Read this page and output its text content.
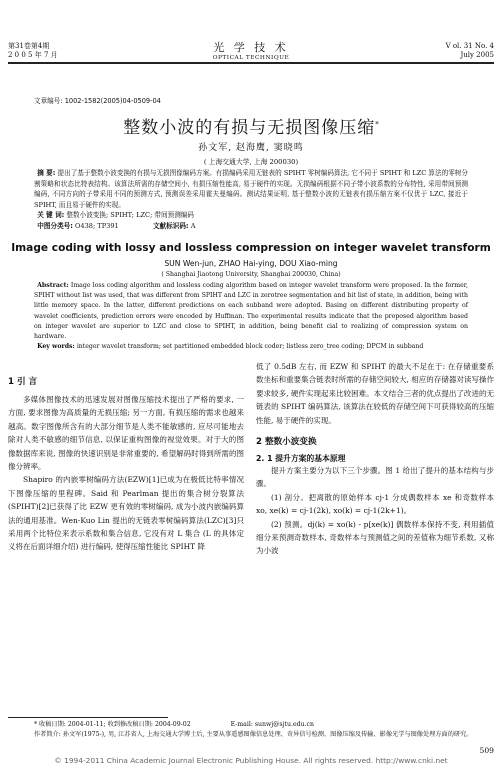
第31卷第4期
2 0 0 5 年 7 月
光 学 技 术
OPTICAL TECHNIQUE
V ol. 31 No. 4
July 2005
文章编号: 1002-1582(2005)04-0509-04
整数小波的有损与无损图像压缩*
孙文军, 赵海鹰, 窦晓鸣
( 上海交通大学, 上海 200030)

摘 要: 提出了基于整数小波变换的有损与无损图像编码方案。有损编码采用无链表的 SPIHT 零树编码算法, 它不同于 SPIHT 和 LZC 算法的零树分割策略和状态比特表结构。该算法所需的存储空间小, 有损压缩性能高, 易于硬件的实现。无损编码根据不同子带小波系数的分布特性, 采用带间预测编码, 不同方向的子带采用不同的预测方式, 预测误差采用霍夫曼编码。测试结果证明, 基于整数小波的无链表有损压缩方案不仅优于 LZC, 接近于 SPIHT, 而且易于硬件的实现。

关 键 词: 整数小波变换; SPIHT; LZC; 带间预测编码

中图分类号: O438; TP391	文献标识码: A

Image coding with lossy and lossless compression on integer wavelet transform
SUN Wen-jun, ZHAO Hai-ying, DOU Xiao-ming
( Shanghai Jiaotong University, Shanghai 200030, China)

Abstract: Image loss coding algorithm and lossless coding algorithm based on integer wavelet transform were proposed. In the former, SPIHT without list was used, that was different from SPIHT and LZC in zerotree segmentation and bit list of state, in addition, being with little memory space. In the latter, different predictions on each subband were adopted. Basing on different distributing property of wavelet coefficients, prediction errors were encoded by Huffman. The experimental results indicate that the proposed algorithm based on integer wavelet are superior to LZC and close to SPIHT, in addition, being benefit cial to realizing of compression system on hardware.

Key words: integer wavelet transform; set partitioned embedded block coder; listless zero_tree coding; DPCM in subband

1 引 言

多媒体图像技术的迅速发展对图像压缩技术提出了严格的要求, 一方面, 要求图像为高质量的无损压缩; 另一方面, 有损压缩的需求也越来越高。数字图像所含有的大部分细节是人类不能敏感的, 应尽可能地去除对人类不敏感的细节信息, 以保证重构图像的视觉效果。对于大的图像数据库来说, 图像的快速识别是非常重要的, 希望解码时得到所需的图像分辨率。

Shapiro 的内嵌零树编码方法(EZW)[1]已成为在极低比特率情况下图像压缩的里程碑。Said 和 Pearlman 提出的集合树分裂算法(SPIHT)[2]已获得了比 EZW 更有效的零树编码, 成为小波内嵌编码算法的通用基准。Wen-Kuo Lin 提出的无链表零树编码算法(LZC)[3]只采用两个比特位来表示系数和集合信息, 它没有对 L 集合 (L 的具体定义将在后面详细介绍) 进行编码, 使得压缩性能比 SPIHT 降

低了 0.5dB 左右, 而 EZW 和 SPIHT 的最大不足在于: 在存储重要系数坐标和重要集合链表时所需的存储空间较大, 相应的存储器对读写操作要求较多, 硬件实现起来比较困难。本文结合三者的优点提出了改进的无链表的 SPIHT 编码算法, 该算法在较低的存储空间下可获得较高的压缩性能, 易于硬件的实现。

2 整数小波变换
2. 1 提升方案的基本原理

提升方案主要分为以下三个步骤。图 1 给出了提升的基本结构与步骤。

(1) 剖分。把离散的原始样本 cj-1 分成偶数样本 xe 和奇数样本 xo, xe(k) = cj-1(2k), xo(k) = cj-1(2k+1)。

(2) 预测。dj(k) = xo(k) - p[xe(k)] 偶数样本保持不变, 利用插值细分来预测奇数样本, 奇数样本与预测值之间的差值称为细节系数, 又称为小波

* 收稿日期: 2004-01-11; 收到修改稿日期: 2004-09-02	E-mail: sunwj@sjtu.edu.cn
作者简介: 孙文军(1975-), 男, 江苏省人, 上海交通大学博士后, 主要从事遥感图像信息处理、奇异信号检测、图像压缩及传输、影像光学与图像处理方面的研究。
509
© 1994-2011 China Academic Journal Electronic Publishing House. All rights reserved. http://www.cnki.net
